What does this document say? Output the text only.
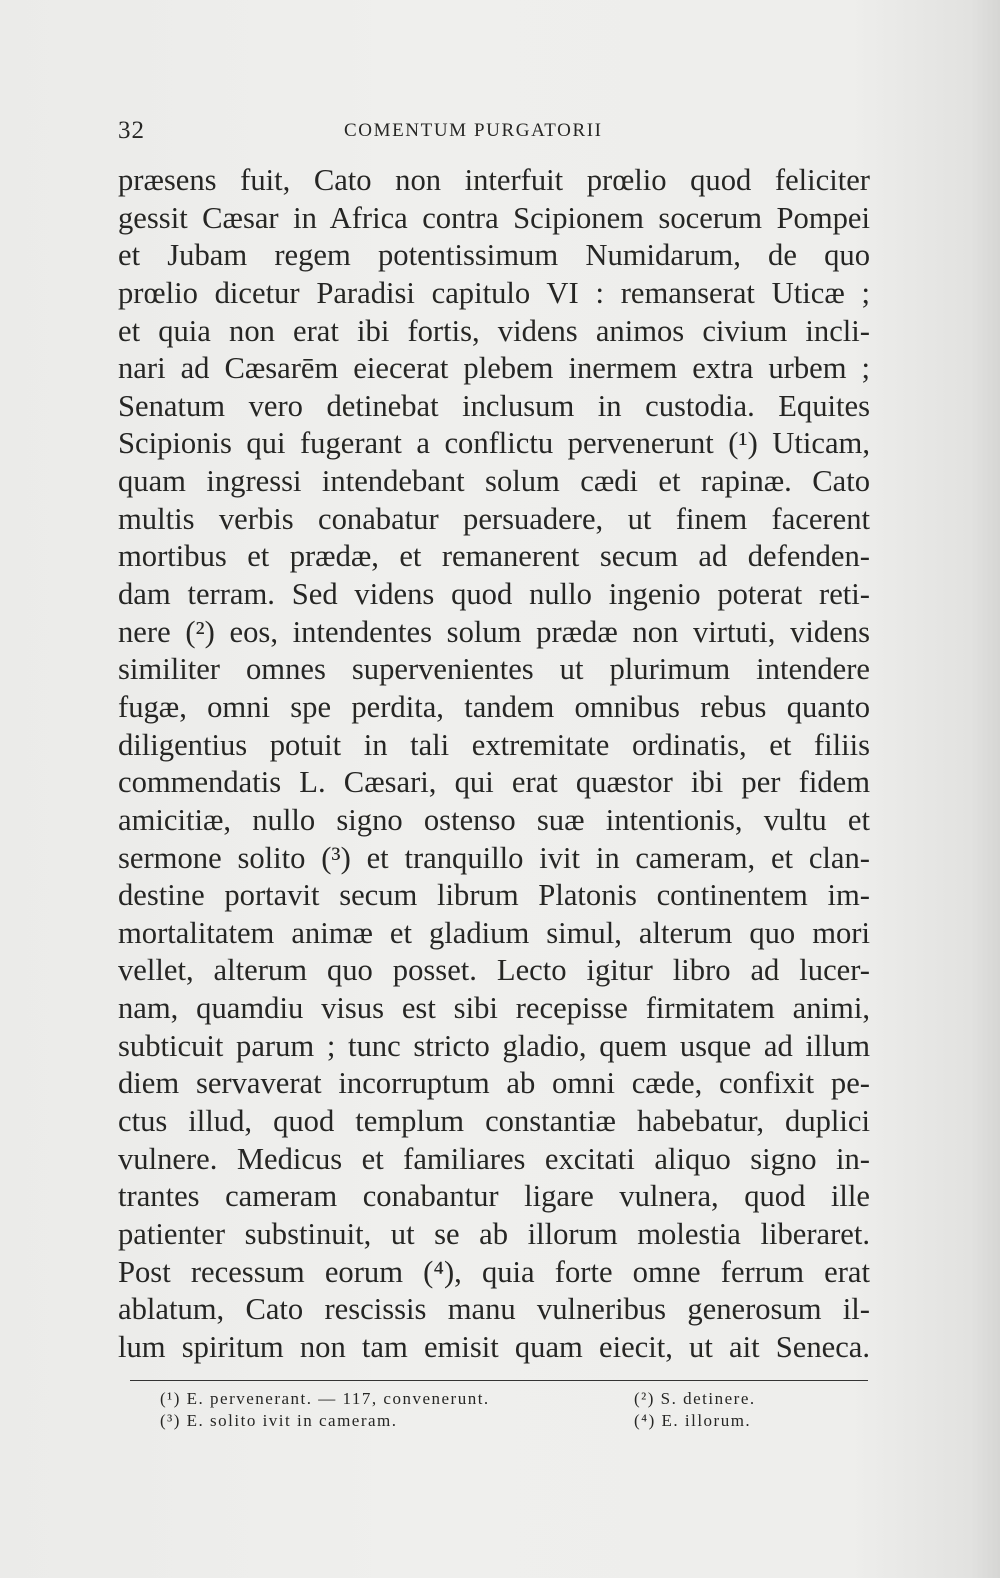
32	COMENTUM PURGATORII
præsens fuit, Cato non interfuit prœlio quod feliciter
gessit Cæsar in Africa contra Scipionem socerum Pompei
et Jubam regem potentissimum Numidarum, de quo
prœlio dicetur Paradisi capitulo VI : remanserat Uticæ ;
et quia non erat ibi fortis, videns animos civium incli-
nari ad Cæsarēm eiecerat plebem inermem extra urbem ;
Senatum vero detinebat inclusum in custodia. Equites
Scipionis qui fugerant a conflictu pervenerunt (¹) Uticam,
quam ingressi intendebant solum cædi et rapinæ. Cato
multis verbis conabatur persuadere, ut finem facerent
mortibus et prædæ, et remanerent secum ad defenden-
dam terram. Sed videns quod nullo ingenio poterat reti-
nere (²) eos, intendentes solum prædæ non virtuti, videns
similiter omnes supervenientes ut plurimum intendere
fugæ, omni spe perdita, tandem omnibus rebus quanto
diligentius potuit in tali extremitate ordinatis, et filiis
commendatis L. Cæsari, qui erat quæstor ibi per fidem
amicitiæ, nullo signo ostenso suæ intentionis, vultu et
sermone solito (³) et tranquillo ivit in cameram, et clan-
destine portavit secum librum Platonis continentem im-
mortalitatem animæ et gladium simul, alterum quo mori
vellet, alterum quo posset. Lecto igitur libro ad lucer-
nam, quamdiu visus est sibi recepisse firmitatem animi,
subticuit parum ; tunc stricto gladio, quem usque ad illum
diem servaverat incorruptum ab omni cæde, confixit pe-
ctus illud, quod templum constantiæ habebatur, duplici
vulnere. Medicus et familiares excitati aliquo signo in-
trantes cameram conabantur ligare vulnera, quod ille
patienter substinuit, ut se ab illorum molestia liberaret.
Post recessum eorum (⁴), quia forte omne ferrum erat
ablatum, Cato rescissis manu vulneribus generosum il-
lum spiritum non tam emisit quam eiecit, ut ait Seneca.
(¹) E. pervenerant. — 117, convenerunt.	(²) S. detinere.
(³) E. solito ivit in cameram.	(⁴) E. illorum.
